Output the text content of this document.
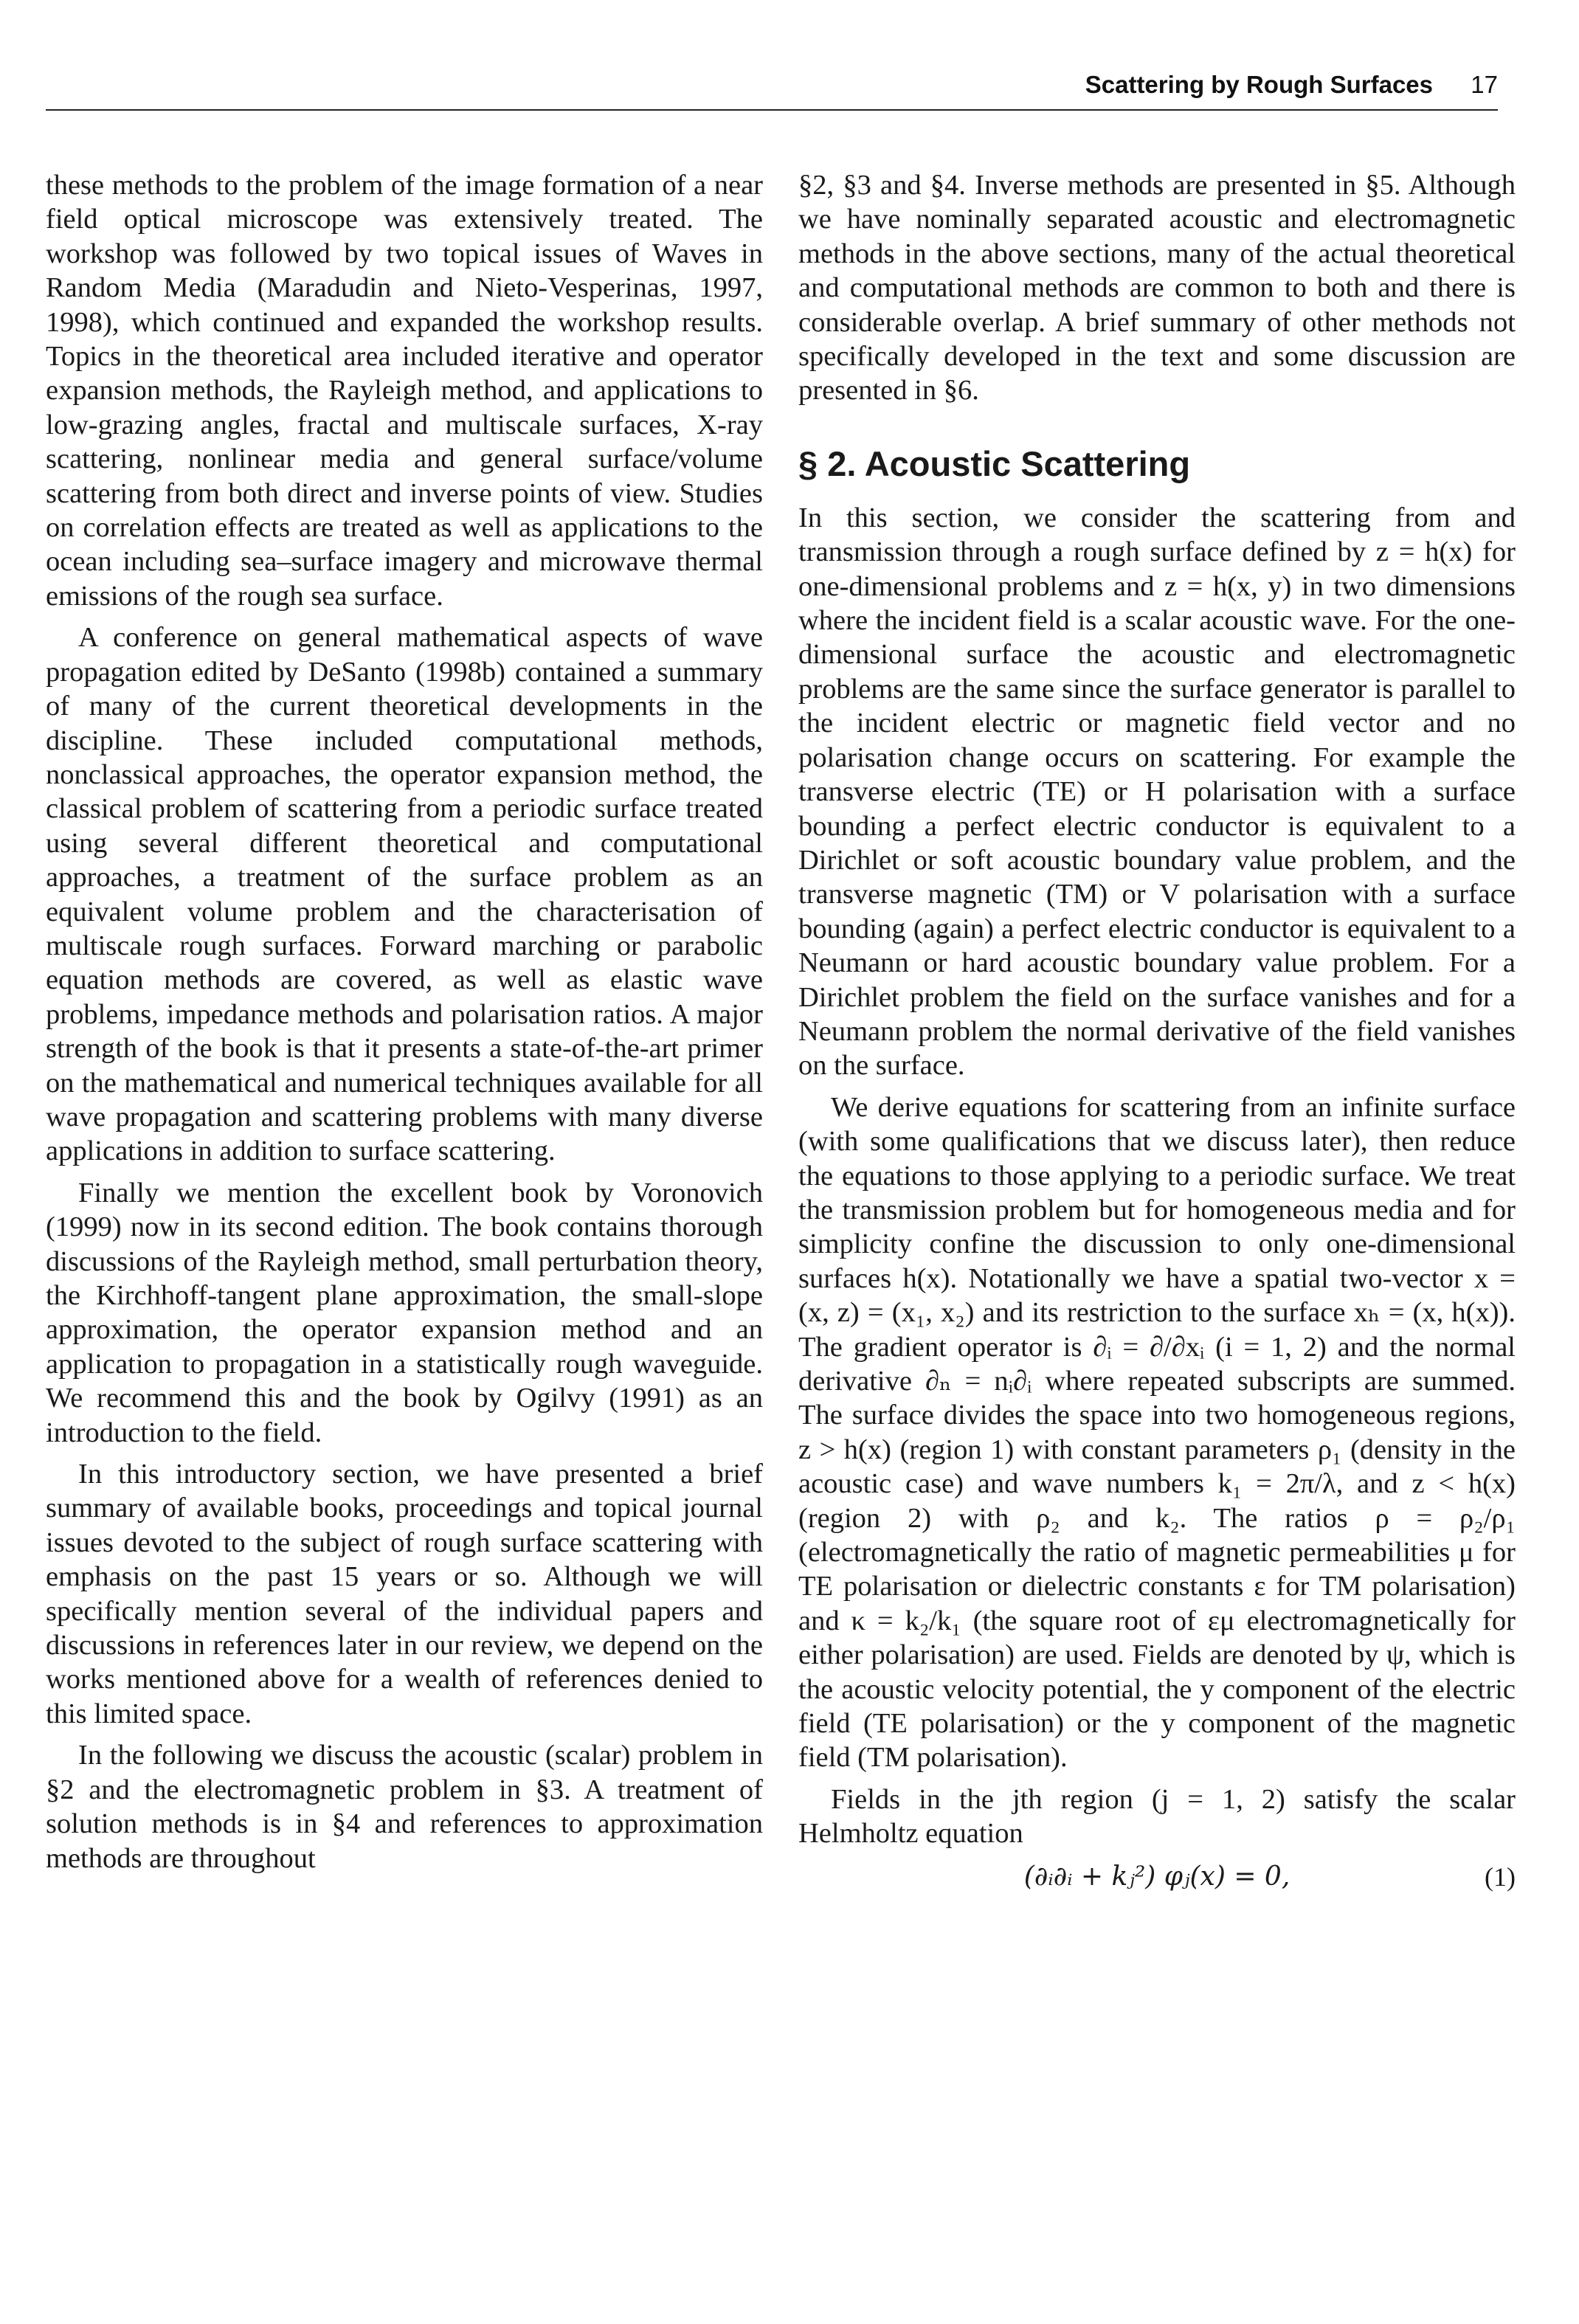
Scattering by Rough Surfaces 17

these methods to the problem of the image formation of a near field optical microscope was extensively treated. The workshop was followed by two topical issues of Waves in Random Media (Maradudin and Nieto-Vesperinas, 1997, 1998), which continued and expanded the workshop results. Topics in the theoretical area included iterative and operator expansion methods, the Rayleigh method, and applications to low-grazing angles, fractal and multiscale surfaces, X-ray scattering, nonlinear media and general surface/volume scattering from both direct and inverse points of view. Studies on correlation effects are treated as well as applications to the ocean including sea–surface imagery and microwave thermal emissions of the rough sea surface.

A conference on general mathematical aspects of wave propagation edited by DeSanto (1998b) contained a summary of many of the current theoretical developments in the discipline. These included computational methods, nonclassical approaches, the operator expansion method, the classical problem of scattering from a periodic surface treated using several different theoretical and computational approaches, a treatment of the surface problem as an equivalent volume problem and the characterisation of multiscale rough surfaces. Forward marching or parabolic equation methods are covered, as well as elastic wave problems, impedance methods and polarisation ratios. A major strength of the book is that it presents a state-of-the-art primer on the mathematical and numerical techniques available for all wave propagation and scattering problems with many diverse applications in addition to surface scattering.

Finally we mention the excellent book by Voronovich (1999) now in its second edition. The book contains thorough discussions of the Rayleigh method, small perturbation theory, the Kirchhoff-tangent plane approximation, the small-slope approximation, the operator expansion method and an application to propagation in a statistically rough waveguide. We recommend this and the book by Ogilvy (1991) as an introduction to the field.

In this introductory section, we have presented a brief summary of available books, proceedings and topical journal issues devoted to the subject of rough surface scattering with emphasis on the past 15 years or so. Although we will specifically mention several of the individual papers and discussions in references later in our review, we depend on the works mentioned above for a wealth of references denied to this limited space.

In the following we discuss the acoustic (scalar) problem in §2 and the electromagnetic problem in §3. A treatment of solution methods is in §4 and references to approximation methods are throughout

§2, §3 and §4. Inverse methods are presented in §5. Although we have nominally separated acoustic and electromagnetic methods in the above sections, many of the actual theoretical and computational methods are common to both and there is considerable overlap. A brief summary of other methods not specifically developed in the text and some discussion are presented in §6.

§ 2. Acoustic Scattering

In this section, we consider the scattering from and transmission through a rough surface defined by z = h(x) for one-dimensional problems and z = h(x, y) in two dimensions where the incident field is a scalar acoustic wave. For the one-dimensional surface the acoustic and electromagnetic problems are the same since the surface generator is parallel to the incident electric or magnetic field vector and no polarisation change occurs on scattering. For example the transverse electric (TE) or H polarisation with a surface bounding a perfect electric conductor is equivalent to a Dirichlet or soft acoustic boundary value problem, and the transverse magnetic (TM) or V polarisation with a surface bounding (again) a perfect electric conductor is equivalent to a Neumann or hard acoustic boundary value problem. For a Dirichlet problem the field on the surface vanishes and for a Neumann problem the normal derivative of the field vanishes on the surface.

We derive equations for scattering from an infinite surface (with some qualifications that we discuss later), then reduce the equations to those applying to a periodic surface. We treat the transmission problem but for homogeneous media and for simplicity confine the discussion to only one-dimensional surfaces h(x). Notationally we have a spatial two-vector x = (x, z) = (x₁, x₂) and its restriction to the surface xₕ = (x, h(x)). The gradient operator is ∂ᵢ = ∂/∂xᵢ (i = 1, 2) and the normal derivative ∂ₙ = nᵢ∂ᵢ where repeated subscripts are summed. The surface divides the space into two homogeneous regions, z > h(x) (region 1) with constant parameters ρ₁ (density in the acoustic case) and wave numbers k₁ = 2π/λ, and z < h(x) (region 2) with ρ₂ and k₂. The ratios ρ = ρ₂/ρ₁ (electromagnetically the ratio of magnetic permeabilities μ for TE polarisation or dielectric constants ε for TM polarisation) and κ = k₂/k₁ (the square root of εμ electromagnetically for either polarisation) are used. Fields are denoted by ψ, which is the acoustic velocity potential, the y component of the electric field (TE polarisation) or the y component of the magnetic field (TM polarisation).

Fields in the jth region (j = 1, 2) satisfy the scalar Helmholtz equation

(∂ᵢ∂ᵢ + kⱼ²) φⱼ(x) = 0,	(1)
